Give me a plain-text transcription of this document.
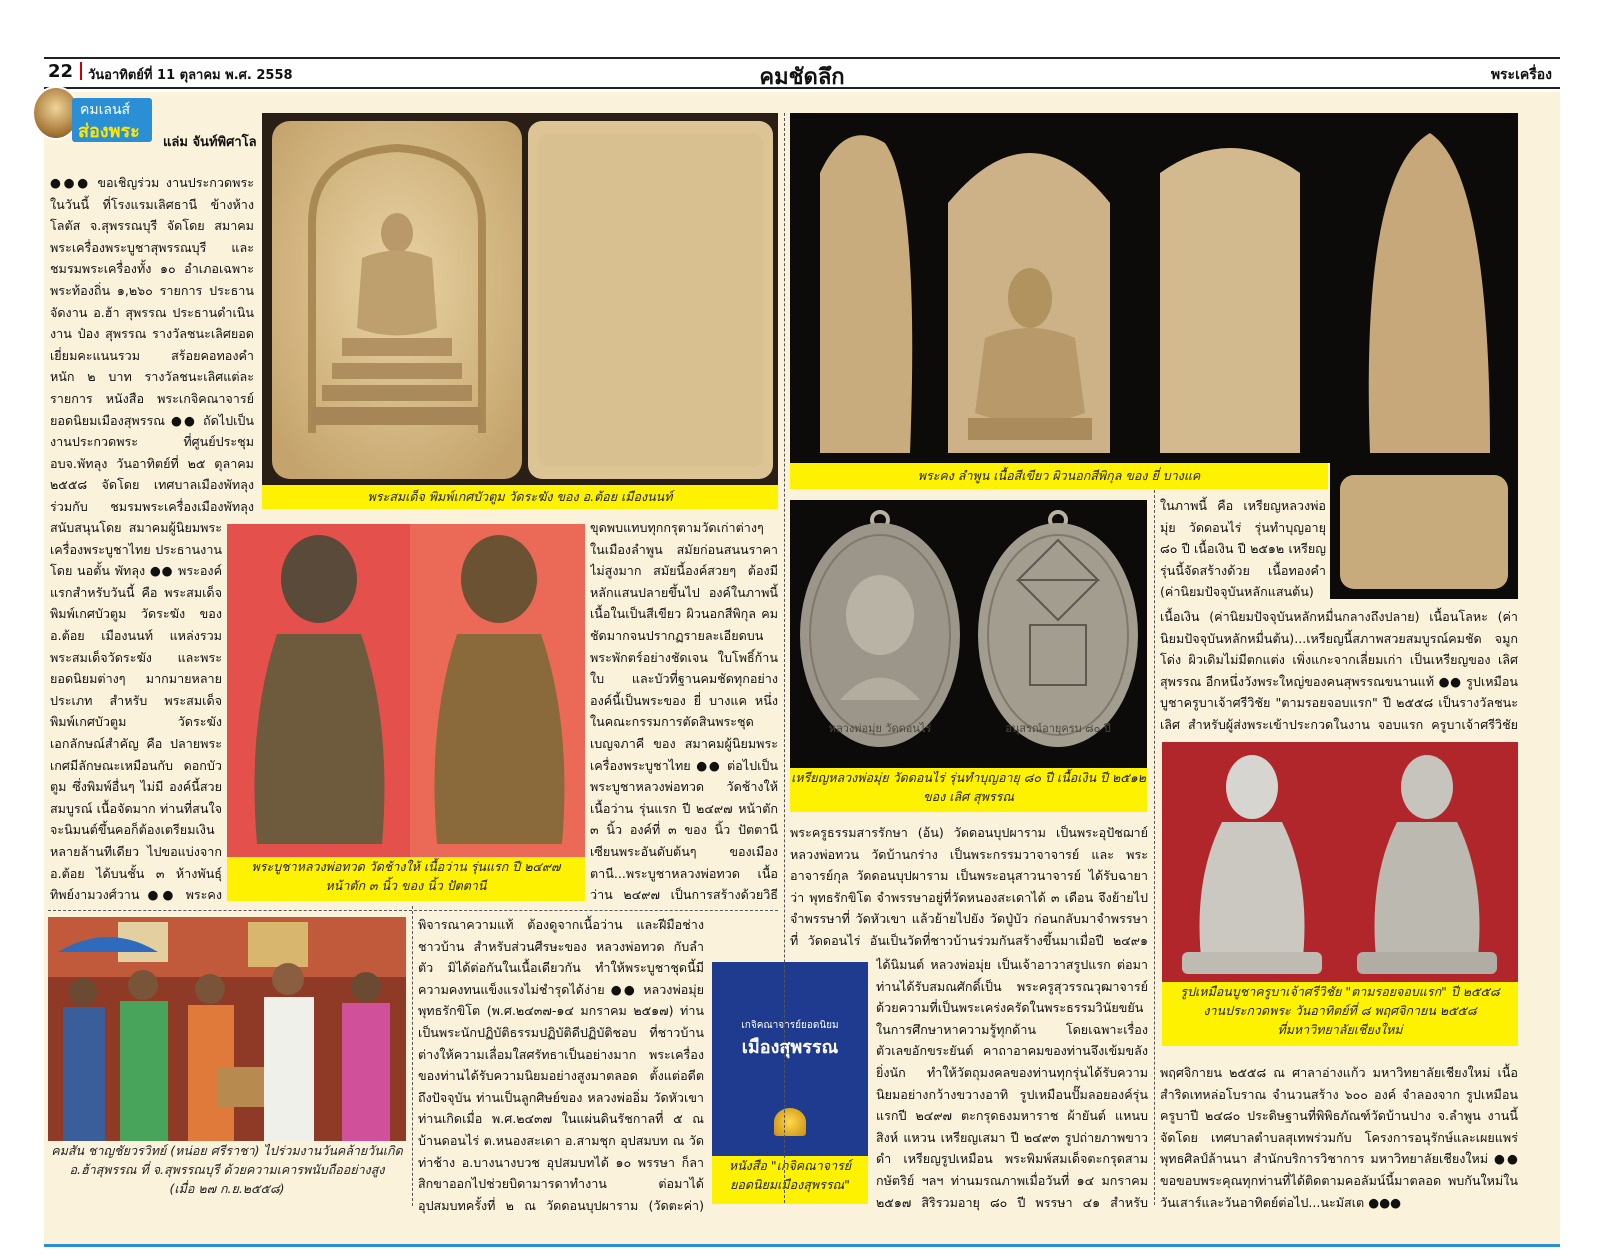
22 วันอาทิตย์ที่ 11 ตุลาคม พ.ศ. 2558	คมชัดลึก	พระเครื่อง
คมเลนส์
ส่องพระ
แล่ม จันท์พิศาโล
พระสมเด็จ พิมพ์เกศบัวตูม วัดระฆัง ของ อ.ต้อย เมืองนนท์
พระคง ลำพูน เนื้อสีเขียว ผิวนอกสีพิกุล ของ ยี่ บางแค
พระบูชาหลวงพ่อทวด วัดช้างให้ เนื้อว่าน รุ่นแรก ปี ๒๔๙๗
หน้าตัก ๓ นิ้ว ของ นิ้ว ปัตตานี
หลวงพ่อมุ่ย วัดดอนไร่	อนุสรณ์อายุครบ ๘๐ ปี
เหรียญหลวงพ่อมุ่ย วัดดอนไร่ รุ่นทำบุญอายุ ๘๐ ปี เนื้อเงิน ปี ๒๕๑๒
ของ เลิศ สุพรรณ
รูปเหมือนบูชาครูบาเจ้าศรีวิชัย "ตามรอยจอบแรก" ปี ๒๕๕๘
งานประกวดพระ วันอาทิตย์ที่ ๘ พฤศจิกายน ๒๕๕๘
ที่มหาวิทยาลัยเชียงใหม่
คมสัน ชาญชัยวรวิทย์ (หน่อย ศรีราชา) ไปร่วมงานวันคล้ายวันเกิด
อ.ฮ้าสุพรรณ ที่ จ.สุพรรณบุรี ด้วยความเคารพนับถืออย่างสูง
(เมื่อ ๒๗ ก.ย.๒๕๕๘)
เกจิคณาจารย์ยอดนิยม
เมืองสุพรรณ
หนังสือ "เกจิคณาจารย์
ยอดนิยมเมืองสุพรรณ"
●●● ขอเชิญร่วม งานประกวดพระ ในวันนี้ ที่โรงแรมเลิศธานี ข้างห้างโลตัส จ.สุพรรณบุรี จัดโดย สมาคมพระเครื่องพระบูชาสุพรรณบุรี และชมรมพระเครื่องทั้ง ๑๐ อำเภอเฉพาะพระท้องถิ่น ๑,๒๖๐ รายการ ประธานจัดงาน อ.ฮ้า สุพรรณ ประธานดำเนินงาน ป๋อง สุพรรณ รางวัลชนะเลิศยอดเยี่ยมคะแนนรวม สร้อยคอทองคำ หนัก ๒ บาท รางวัลชนะเลิศแต่ละรายการ หนังสือ พระเกจิคณาจารย์ยอดนิยมเมืองสุพรรณ ●● ถัดไปเป็น งานประกวดพระ ที่ศูนย์ประชุม อบจ.พัทลุง วันอาทิตย์ที่ ๒๕ ตุลาคม ๒๕๕๘ จัดโดย เทศบาลเมืองพัทลุง ร่วมกับ ชมรมพระเครื่องเมืองพัทลุง
สนับสนุนโดย สมาคมผู้นิยมพระเครื่องพระบูชาไทย ประธานงาน โดย นอตั้น พัทลุง ●● พระองค์แรกสำหรับวันนี้ คือ พระสมเด็จ พิมพ์เกศบัวตูม วัดระฆัง ของ อ.ต้อย เมืองนนท์ แหล่งรวม พระสมเด็จวัดระฆัง และพระยอดนิยมต่างๆ มากมายหลายประเภท สำหรับ พระสมเด็จ พิมพ์เกศบัวตูม วัดระฆัง เอกลักษณ์สำคัญ คือ ปลายพระเกศมีลักษณะเหมือนกับ ดอกบัวตูม ซึ่งพิมพ์อื่นๆ ไม่มี องค์นี้สวยสมบูรณ์ เนื้อจัดมาก ท่านที่สนใจจะนิมนต์ขึ้นคอก็ต้องเตรียมเงินหลายล้านทีเดียว ไปขอแบ่งจาก อ.ต้อย ได้บนชั้น ๓ ห้างพันธุ์ทิพย์งามวงศ์วาน ●● พระคง
ขุดพบแทบทุกกรุตามวัดเก่าต่างๆ ในเมืองลำพูน สมัยก่อนสนนราคาไม่สูงมาก สมัยนี้องค์สวยๆ ต้องมีหลักแสนปลายขึ้นไป องค์ในภาพนี้เนื้อในเป็นสีเขียว ผิวนอกสีพิกุล คมชัดมากจนปรากฏรายละเอียดบนพระพักตร์อย่างชัดเจน ใบโพธิ์ก้านใบ และบัวที่ฐานคมชัดทุกอย่าง องค์นี้เป็นพระของ ยี่ บางแค หนึ่งในคณะกรรมการตัดสินพระชุดเบญจภาคี ของ สมาคมผู้นิยมพระเครื่องพระบูชาไทย ●● ต่อไปเป็น พระบูชาหลวงพ่อทวด วัดช้างให้ เนื้อว่าน รุ่นแรก ปี ๒๔๙๗ หน้าตัก ๓ นิ้ว องค์ที่ ๓ ของ นิ้ว ปัตตานี เซียนพระอันดับต้นๆ ของเมืองตานี...พระบูชาหลวงพ่อทวด เนื้อว่าน ๒๔๙๗ เป็นการสร้างด้วยวิธี
พิจารณาความแท้ ต้องดูจากเนื้อว่าน และฝีมือช่างชาวบ้าน สำหรับส่วนศีรษะของ หลวงพ่อทวด กับลำตัว มิได้ต่อกันในเนื้อเดียวกัน ทำให้พระบูชาชุดนี้มีความคงทนแข็งแรงไม่ชำรุดได้ง่าย ●● หลวงพ่อมุ่ย พุทธรักขิโต (พ.ศ.๒๔๓๗-๑๔ มกราคม ๒๕๑๗) ท่านเป็นพระนักปฏิบัติธรรมปฏิบัติดีปฏิบัติชอบ ที่ชาวบ้านต่างให้ความเลื่อมใสศรัทธาเป็นอย่างมาก พระเครื่องของท่านได้รับความนิยมอย่างสูงมาตลอด ตั้งแต่อดีตถึงปัจจุบัน ท่านเป็นลูกศิษย์ของ หลวงพ่ออิ่ม วัดหัวเขา ท่านเกิดเมื่อ พ.ศ.๒๔๓๗ ในแผ่นดินรัชกาลที่ ๕ ณ บ้านดอนไร่ ต.หนองสะเดา อ.สามชุก อุปสมบท ณ วัดท่าช้าง อ.บางนางบวช อุปสมบทได้ ๑๐ พรรษา ก็ลาสิกขาออกไปช่วยบิดามารดาทำงาน ต่อมาได้อุปสมบทครั้งที่ ๒ ณ วัดดอนบุปผาราม (วัดตะค่า)
พระครูธรรมสารรักษา (อ้น) วัดดอนบุปผาราม เป็นพระอุปัชฌาย์ หลวงพ่อทวน วัดบ้านกร่าง เป็นพระกรรมวาจาจารย์ และ พระอาจารย์กุล วัดดอนบุปผาราม เป็นพระอนุสาวนาจารย์ ได้รับฉายาว่า พุทธรักขิโต จำพรรษาอยู่ที่วัดหนองสะเดาได้ ๓ เดือน จึงย้ายไปจำพรรษาที่ วัดหัวเขา แล้วย้ายไปยัง วัดปู่บัว ก่อนกลับมาจำพรรษาที่ วัดดอนไร่ อันเป็นวัดที่ชาวบ้านร่วมกันสร้างขึ้นมาเมื่อปี ๒๔๙๑
ได้นิมนต์ หลวงพ่อมุ่ย เป็นเจ้าอาวาสรูปแรก ต่อมาท่านได้รับสมณศักดิ์เป็น พระครูสุวรรณวุฒาจารย์ ด้วยความที่เป็นพระเคร่งครัดในพระธรรมวินัยขยันในการศึกษาหาความรู้ทุกด้าน โดยเฉพาะเรื่องตัวเลขอักขระยันต์ คาถาอาคมของท่านจึงเข้มขลังยิ่งนัก ทำให้วัตถุมงคลของท่านทุกรุ่นได้รับความนิยมอย่างกว้างขวางอาทิ รูปเหมือนปั๊มลอยองค์รุ่นแรกปี ๒๔๙๗ ตะกรุดธงมหาราช ผ้ายันต์ แหนบสิงห์ แหวน เหรียญเสมา ปี ๒๔๙๓ รูปถ่ายภาพขาวดำ เหรียญรูปเหมือน พระพิมพ์สมเด็จตะกรุดสามกษัตริย์ ฯลฯ ท่านมรณภาพเมื่อวันที่ ๑๔ มกราคม ๒๕๑๗ สิริรวมอายุ ๘๐ ปี พรรษา ๔๑ สำหรับ
ในภาพนี้ คือ เหรียญหลวงพ่อมุ่ย วัดดอนไร่ รุ่นทำบุญอายุ ๘๐ ปี เนื้อเงิน ปี ๒๕๑๒ เหรียญรุ่นนี้จัดสร้างด้วย เนื้อทองคำ (ค่านิยมปัจจุบันหลักแสนต้น)
เนื้อเงิน (ค่านิยมปัจจุบันหลักหมื่นกลางถึงปลาย) เนื้อนโลหะ (ค่านิยมปัจจุบันหลักหมื่นต้น)...เหรียญนี้สภาพสวยสมบูรณ์คมชัด จมูกโด่ง ผิวเดิมไม่มีตกแต่ง เพิ่งแกะจากเลี่ยมเก่า เป็นเหรียญของ เลิศ สุพรรณ อีกหนึ่งวังพระใหญ่ของคนสุพรรณขนานแท้ ●● รูปเหมือนบูชาครูบาเจ้าศรีวิชัย "ตามรอยจอบแรก" ปี ๒๕๕๘ เป็นรางวัลชนะเลิศ สำหรับผู้ส่งพระเข้าประกวดในงาน จอบแรก ครูบาเจ้าศรีวิชัย
พฤศจิกายน ๒๕๕๘ ณ ศาลาอ่างแก้ว มหาวิทยาลัยเชียงใหม่ เนื้อสำริดเทหล่อโบราณ จำนวนสร้าง ๖๐๐ องค์ จำลองจาก รูปเหมือนครูบาปี ๒๔๘๐ ประดิษฐานที่พิพิธภัณฑ์วัดบ้านปาง จ.ลำพูน งานนี้จัดโดย เทศบาลตำบลสุเทพร่วมกับ โครงการอนุรักษ์และเผยแพร่พุทธศิลป์ล้านนา สำนักบริการวิชาการ มหาวิทยาลัยเชียงใหม่ ●● ขอขอบพระคุณทุกท่านที่ได้ติดตามคอลัมน์นี้มาตลอด พบกันใหม่ในวันเสาร์และวันอาทิตย์ต่อไป...นะมัสเต ●●●
